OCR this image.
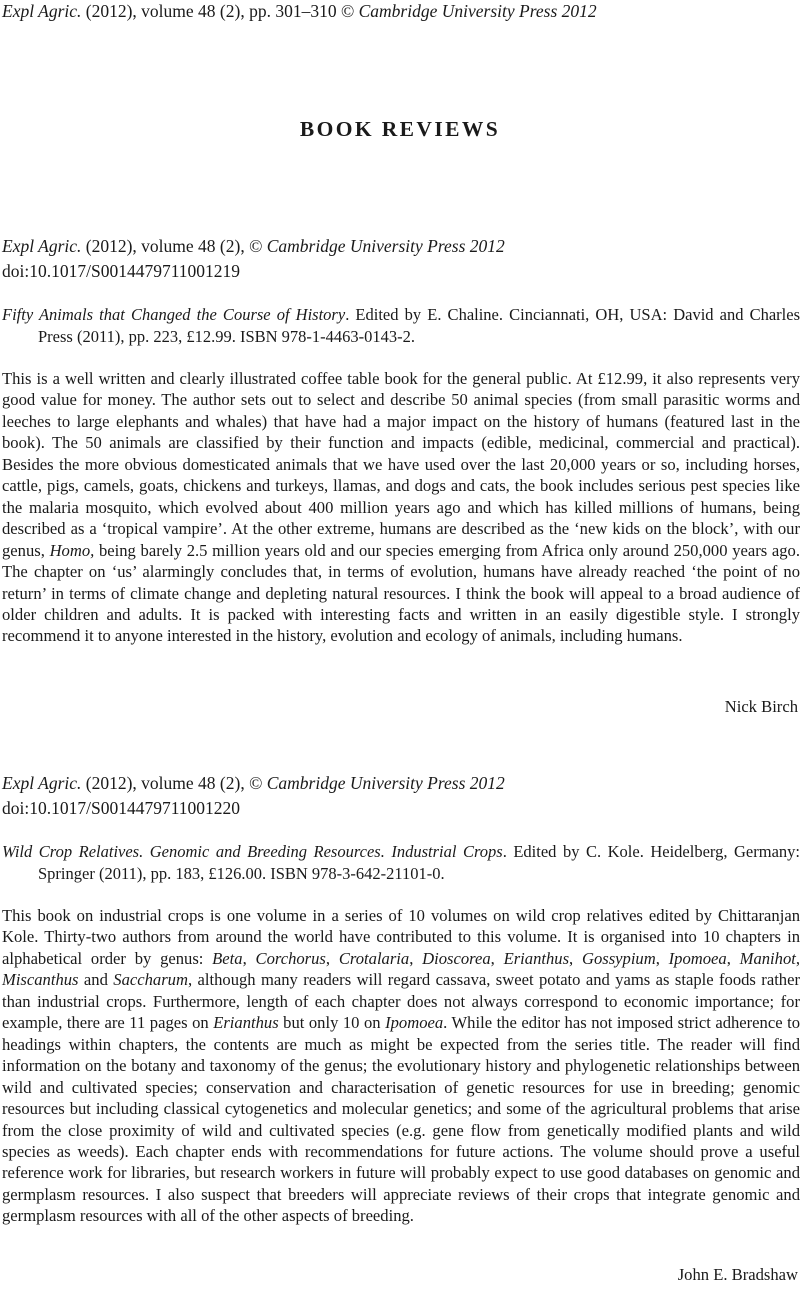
Expl Agric. (2012), volume 48 (2), pp. 301–310 © Cambridge University Press 2012
BOOK REVIEWS
Expl Agric. (2012), volume 48 (2), © Cambridge University Press 2012
doi:10.1017/S0014479711001219
Fifty Animals that Changed the Course of History. Edited by E. Chaline. Cinciannati, OH, USA: David and Charles Press (2011), pp. 223, £12.99. ISBN 978-1-4463-0143-2.
This is a well written and clearly illustrated coffee table book for the general public. At £12.99, it also represents very good value for money. The author sets out to select and describe 50 animal species (from small parasitic worms and leeches to large elephants and whales) that have had a major impact on the history of humans (featured last in the book). The 50 animals are classified by their function and impacts (edible, medicinal, commercial and practical). Besides the more obvious domesticated animals that we have used over the last 20,000 years or so, including horses, cattle, pigs, camels, goats, chickens and turkeys, llamas, and dogs and cats, the book includes serious pest species like the malaria mosquito, which evolved about 400 million years ago and which has killed millions of humans, being described as a ‘tropical vampire’. At the other extreme, humans are described as the ‘new kids on the block’, with our genus, Homo, being barely 2.5 million years old and our species emerging from Africa only around 250,000 years ago. The chapter on ‘us’ alarmingly concludes that, in terms of evolution, humans have already reached ‘the point of no return’ in terms of climate change and depleting natural resources. I think the book will appeal to a broad audience of older children and adults. It is packed with interesting facts and written in an easily digestible style. I strongly recommend it to anyone interested in the history, evolution and ecology of animals, including humans.
Nick Birch
Expl Agric. (2012), volume 48 (2), © Cambridge University Press 2012
doi:10.1017/S0014479711001220
Wild Crop Relatives. Genomic and Breeding Resources. Industrial Crops. Edited by C. Kole. Heidelberg, Germany: Springer (2011), pp. 183, £126.00. ISBN 978-3-642-21101-0.
This book on industrial crops is one volume in a series of 10 volumes on wild crop relatives edited by Chittaranjan Kole. Thirty-two authors from around the world have contributed to this volume. It is organised into 10 chapters in alphabetical order by genus: Beta, Corchorus, Crotalaria, Dioscorea, Erianthus, Gossypium, Ipomoea, Manihot, Miscanthus and Saccharum, although many readers will regard cassava, sweet potato and yams as staple foods rather than industrial crops. Furthermore, length of each chapter does not always correspond to economic importance; for example, there are 11 pages on Erianthus but only 10 on Ipomoea. While the editor has not imposed strict adherence to headings within chapters, the contents are much as might be expected from the series title. The reader will find information on the botany and taxonomy of the genus; the evolutionary history and phylogenetic relationships between wild and cultivated species; conservation and characterisation of genetic resources for use in breeding; genomic resources but including classical cytogenetics and molecular genetics; and some of the agricultural problems that arise from the close proximity of wild and cultivated species (e.g. gene flow from genetically modified plants and wild species as weeds). Each chapter ends with recommendations for future actions. The volume should prove a useful reference work for libraries, but research workers in future will probably expect to use good databases on genomic and germplasm resources. I also suspect that breeders will appreciate reviews of their crops that integrate genomic and germplasm resources with all of the other aspects of breeding.
John E. Bradshaw
